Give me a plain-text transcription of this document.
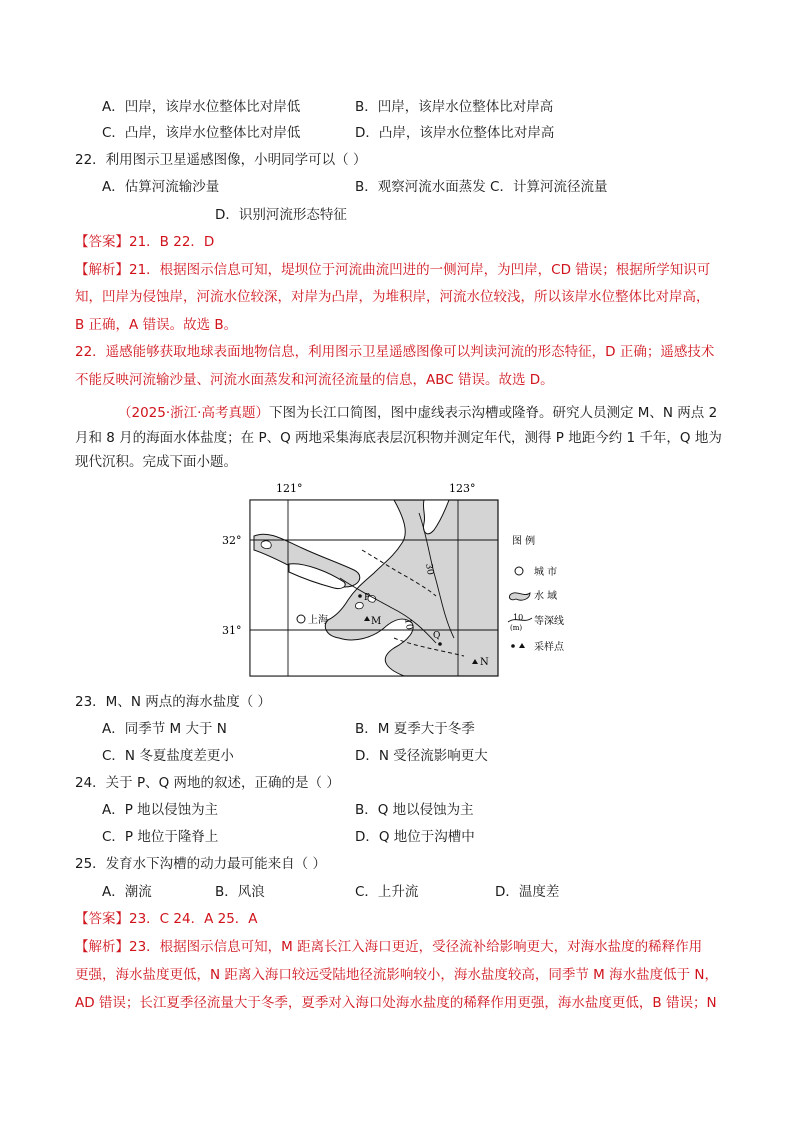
A．凹岸，该岸水位整体比对岸低	B．凹岸，该岸水位整体比对岸高
C．凸岸，该岸水位整体比对岸低	D．凸岸，该岸水位整体比对岸高
22．利用图示卫星遥感图像，小明同学可以（ ）
A．估算河流输沙量	B．观察河流水面蒸发 C．计算河流径流量
D．识别河流形态特征
【答案】21．B 22．D
【解析】21．根据图示信息可知，堤坝位于河流曲流凹进的一侧河岸，为凹岸，CD 错误；根据所学知识可
知，凹岸为侵蚀岸，河流水位较深，对岸为凸岸，为堆积岸，河流水位较浅，所以该岸水位整体比对岸高，
B 正确，A 错误。故选 B。
22．遥感能够获取地球表面地物信息，利用图示卫星遥感图像可以判读河流的形态特征，D 正确；遥感技术
不能反映河流输沙量、河流水面蒸发和河流径流量的信息，ABC 错误。故选 D。
（2025·浙江·高考真题）下图为长江口简图，图中虚线表示沟槽或隆脊。研究人员测定 M、N 两点 2
月和 8 月的海面水体盐度；在 P、Q 两地采集海底表层沉积物并测定年代，测得 P 地距今约 1 千年，Q 地为
现代沉积。完成下面小题。
121°	123°
32°
31°
上海
P
M
Q
N
10
30
图 例
城 市
水 域
10
(m)
等深线
采样点
23．M、N 两点的海水盐度（ ）
A．同季节 M 大于 N	B．M 夏季大于冬季
C．N 冬夏盐度差更小	D．N 受径流影响更大
24．关于 P、Q 两地的叙述，正确的是（ ）
A．P 地以侵蚀为主	B．Q 地以侵蚀为主
C．P 地位于隆脊上	D．Q 地位于沟槽中
25．发育水下沟槽的动力最可能来自（ ）
A．潮流	B．风浪	C．上升流	D．温度差
【答案】23．C 24．A 25．A
【解析】23．根据图示信息可知，M 距离长江入海口更近，受径流补给影响更大，对海水盐度的稀释作用
更强，海水盐度更低，N 距离入海口较远受陆地径流影响较小，海水盐度较高，同季节 M 海水盐度低于 N，
AD 错误；长江夏季径流量大于冬季，夏季对入海口处海水盐度的稀释作用更强，海水盐度更低，B 错误；N
